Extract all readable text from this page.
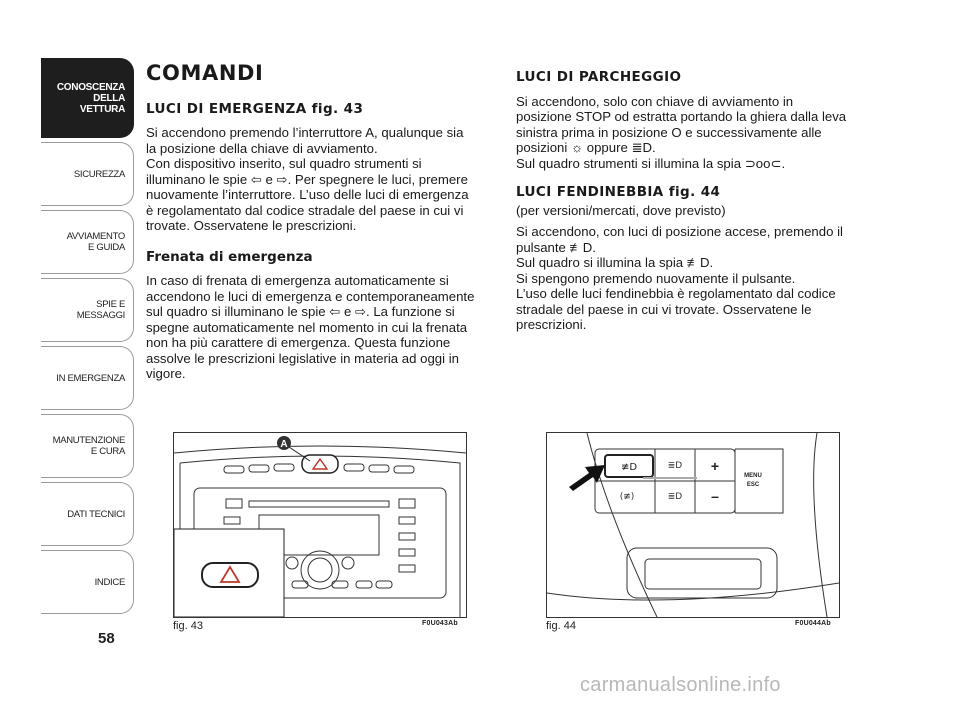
CONOSCENZA
DELLA
VETTURA
SICUREZZA
AVVIAMENTO
E GUIDA
SPIE E
MESSAGGI
IN EMERGENZA
MANUTENZIONE
E CURA
DATI TECNICI
INDICE
58
COMANDI
LUCI DI EMERGENZA fig. 43

Si accendono premendo l’interruttore A, qualunque sia
la posizione della chiave di avviamento.

Con dispositivo inserito, sul quadro strumenti si
illuminano le spie ⇦ e ⇨. Per spegnere le luci, premere
nuovamente l’interruttore. L’uso delle luci di emergenza
è regolamentato dal codice stradale del paese in cui vi
trovate. Osservatene le prescrizioni.

Frenata di emergenza

In caso di frenata di emergenza automaticamente si
accendono le luci di emergenza e contemporaneamente
sul quadro si illuminano le spie ⇦ e ⇨. La funzione si
spegne automaticamente nel momento in cui la frenata
non ha più carattere di emergenza. Questa funzione
assolve le prescrizioni legislative in materia ad oggi in
vigore.

LUCI DI PARCHEGGIO

Si accendono, solo con chiave di avviamento in
posizione STOP od estratta portando la ghiera dalla leva
sinistra prima in posizione O e successivamente alle
posizioni ☼ oppure ≣D.

Sul quadro strumenti si illumina la spia ⊃oo⊂.

LUCI FENDINEBBIA fig. 44

(per versioni/mercati, dove previsto)

Si accendono, con luci di posizione accese, premendo il
pulsante ≢D.

Sul quadro si illumina la spia ≢D.

Si spengono premendo nuovamente il pulsante.

L’uso delle luci fendinebbia è regolamentato dal codice
stradale del paese in cui vi trovate. Osservatene le
prescrizioni.

A
fig. 43	F0U043Ab
≢D
(≢)
≣D
≣D
+
–
MENU
ESC
fig. 44	F0U044Ab
carmanualsonline.info
